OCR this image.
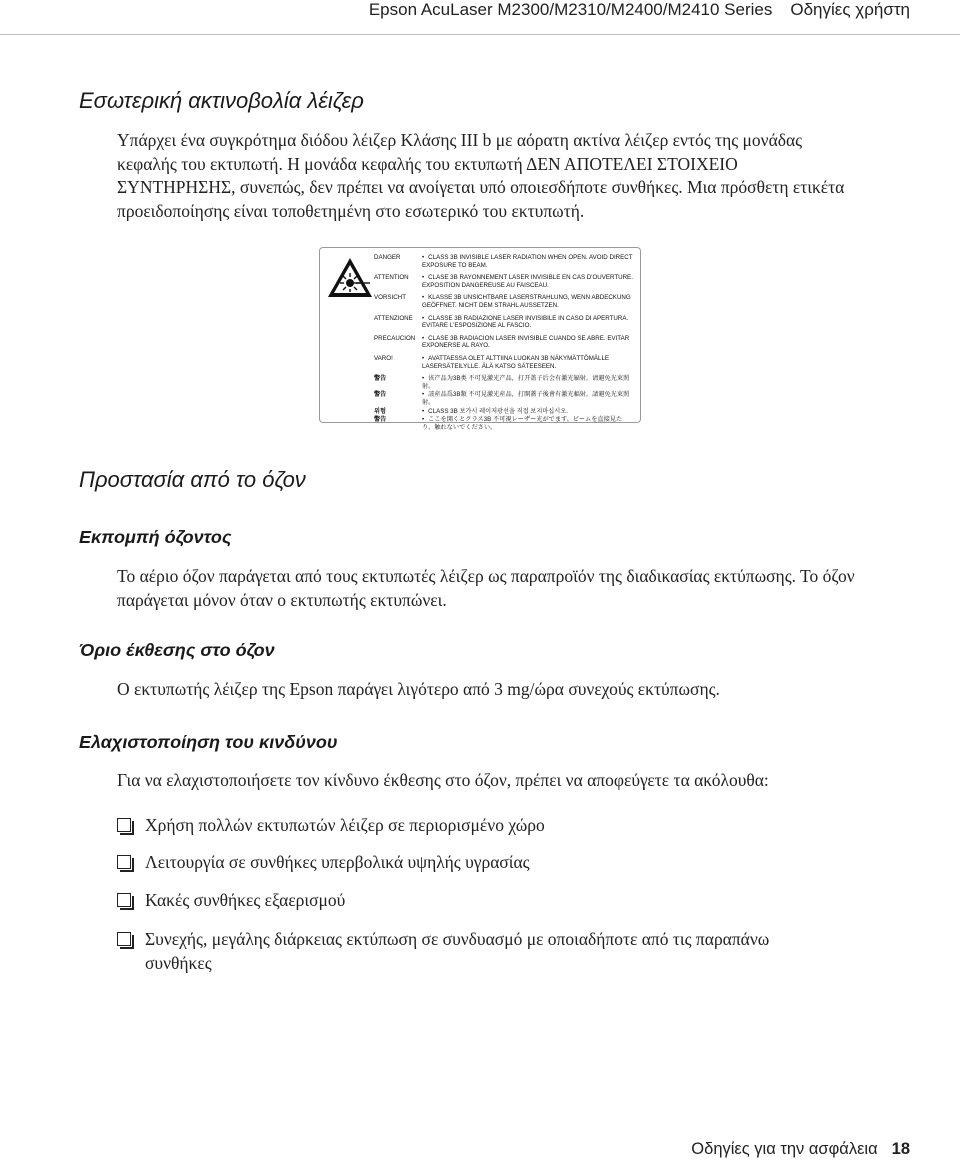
Epson AcuLaser M2300/M2310/M2400/M2410 Series Οδηγίες χρήστη
Εσωτερική ακτινοβολία λέιζερ

Υπάρχει ένα συγκρότημα διόδου λέιζερ Κλάσης III b με αόρατη ακτίνα λέιζερ εντός της μονάδας κεφαλής του εκτυπωτή. Η μονάδα κεφαλής του εκτυπωτή ΔΕΝ ΑΠΟΤΕΛΕΙ ΣΤΟΙΧΕΙΟ ΣΥΝΤΗΡΗΣΗΣ, συνεπώς, δεν πρέπει να ανοίγεται υπό οποιεσδήποτε συνθήκες. Μια πρόσθετη ετικέτα προειδοποίησης είναι τοποθετημένη στο εσωτερικό του εκτυπωτή.

DANGER	• CLASS 3B INVISIBLE LASER RADIATION WHEN OPEN. AVOID DIRECT EXPOSURE TO BEAM.
ATTENTION	• CLASE 3B RAYONNEMENT LASER INVISIBLE EN CAS D'OUVERTURE. EXPOSITION DANGEREUSE AU FAISCEAU.
VORSICHT	• KLASSE 3B UNSICHTBARE LASERSTRAHLUNG, WENN ABDECKUNG GEÖFFNET. NICHT DEM STRAHL AUSSETZEN.
ATTENZIONE	• CLASSE 3B RADIAZIONE LASER INVISIBILE IN CASO DI APERTURA. EVITARE L'ESPOSIZIONE AL FASCIO.
PRECAUCION	• CLASE 3B RADIACION LASER INVISIBLE CUANDO SE ABRE. EVITAR EXPONERSE AL RAYO.
VARO!	• AVATTAESSA OLET ALTTIINA LUOKAN 3B NÄKYMÄTTÖMÄLLE LASERSÄTEILYLLE. ÄLÄ KATSO SÄTEESEEN.
警告	• 该产品为3B类 不可见激光产品，打开盖子后会有激光辐射，请避免光束照射。
警告	• 該産品爲3B類 不可見激光産品，打開蓋子後會有激光輻射，請避免光束照射。
위험	• CLASS 3B 보가시 레이저광선을 직접 보지마십시오.
警告	• ここを開くとクラス3B 不可視レーザー光がでます。ビームを直接見たり、触れないでください。
Προστασία από το όζον
Εκπομπή όζοντος

Το αέριο όζον παράγεται από τους εκτυπωτές λέιζερ ως παραπροϊόν της διαδικασίας εκτύπωσης. Το όζον παράγεται μόνον όταν ο εκτυπωτής εκτυπώνει.

Όριο έκθεσης στο όζον

Ο εκτυπωτής λέιζερ της Epson παράγει λιγότερο από 3 mg/ώρα συνεχούς εκτύπωσης.

Ελαχιστοποίηση του κινδύνου

Για να ελαχιστοποιήσετε τον κίνδυνο έκθεσης στο όζον, πρέπει να αποφεύγετε τα ακόλουθα:

Χρήση πολλών εκτυπωτών λέιζερ σε περιορισμένο χώρο
Λειτουργία σε συνθήκες υπερβολικά υψηλής υγρασίας
Κακές συνθήκες εξαερισμού
Συνεχής, μεγάλης διάρκειας εκτύπωση σε συνδυασμό με οποιαδήποτε από τις παραπάνω συνθήκες
Οδηγίες για την ασφάλεια 18
